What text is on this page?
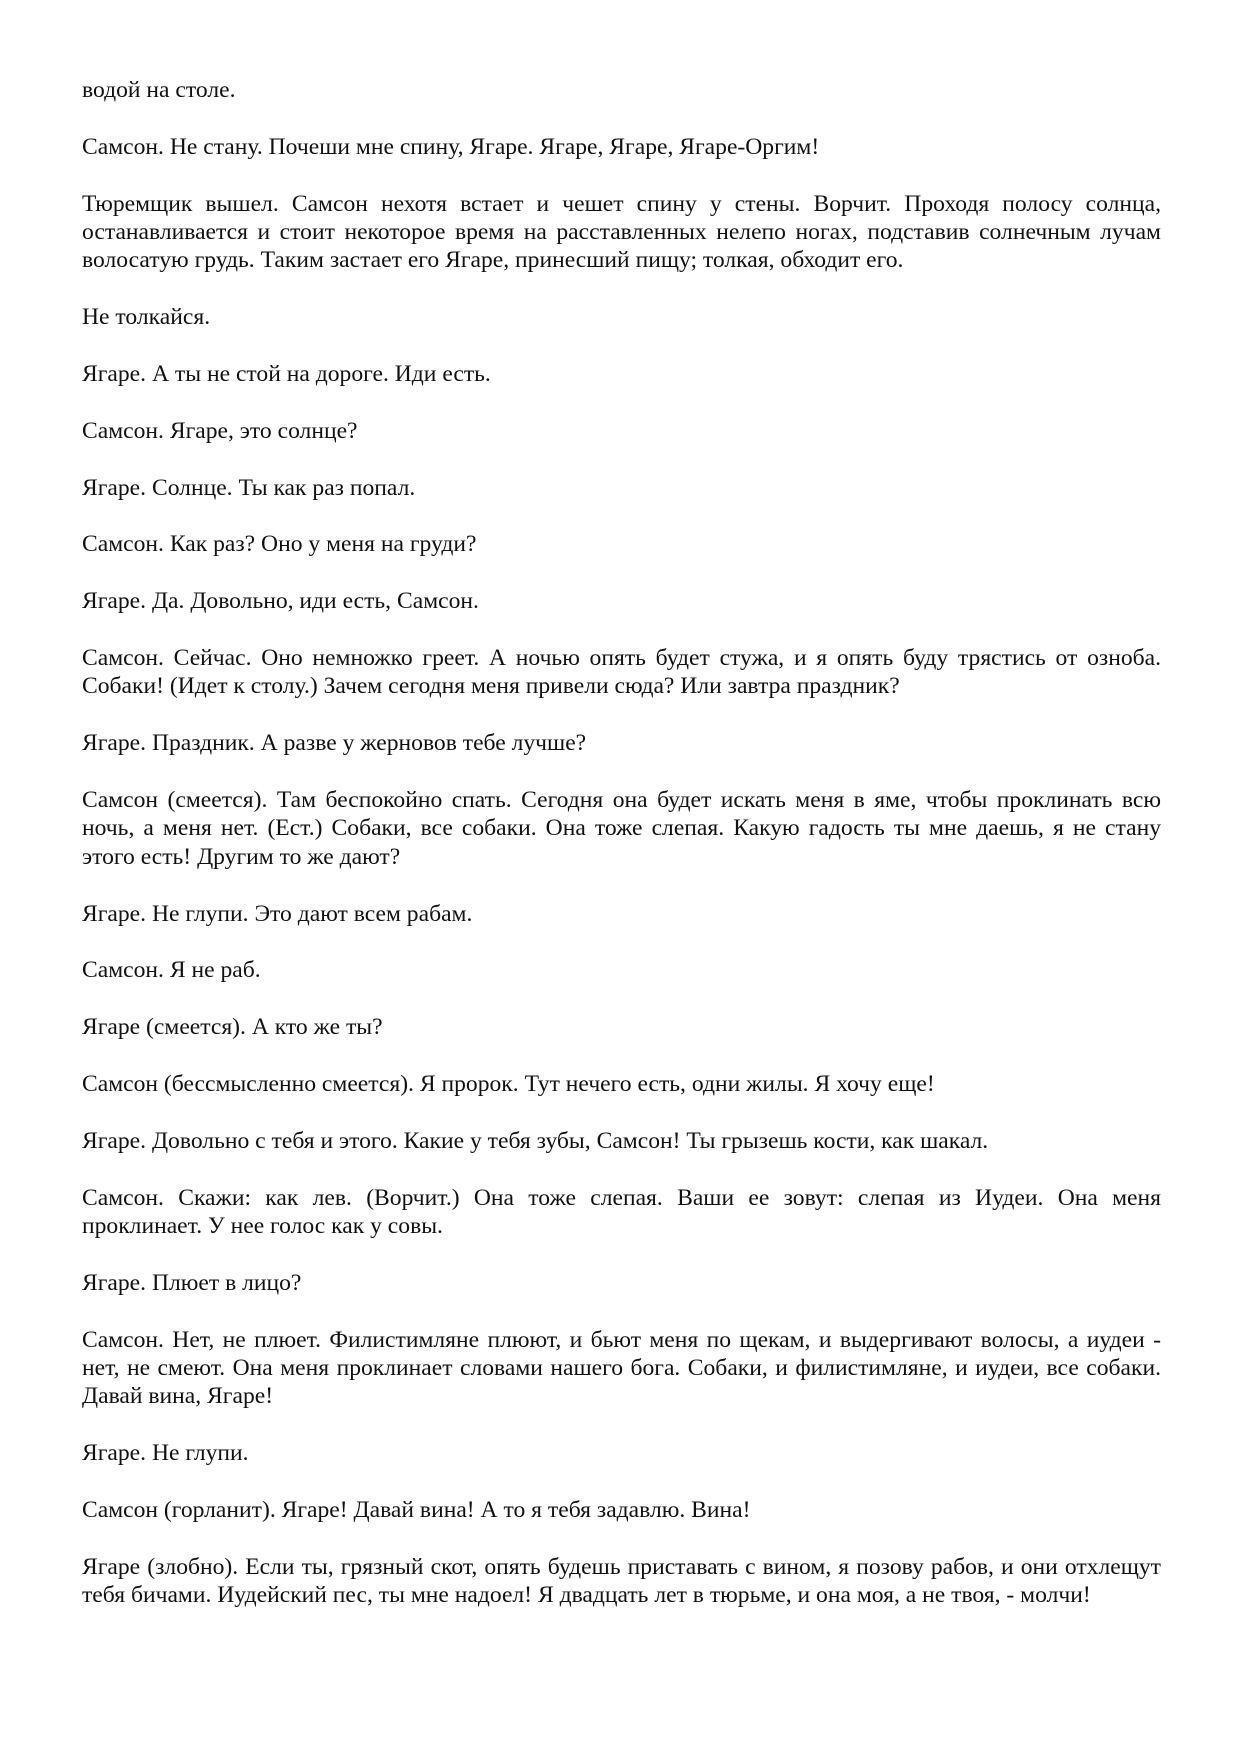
водой на столе.

Самсон. Не стану. Почеши мне спину, Ягаре. Ягаре, Ягаре, Ягаре-Оргим!

Тюремщик вышел. Самсон нехотя встает и чешет спину у стены. Ворчит. Проходя полосу солнца, останавливается и стоит некоторое время на расставленных нелепо ногах, подставив солнечным лучам волосатую грудь. Таким застает его Ягаре, принесший пищу; толкая, обходит его.

Не толкайся.

Ягаре. А ты не стой на дороге. Иди есть.

Самсон. Ягаре, это солнце?

Ягаре. Солнце. Ты как раз попал.

Самсон. Как раз? Оно у меня на груди?

Ягаре. Да. Довольно, иди есть, Самсон.

Самсон. Сейчас. Оно немножко греет. А ночью опять будет стужа, и я опять буду трястись от озноба. Собаки! (Идет к столу.) Зачем сегодня меня привели сюда? Или завтра праздник?

Ягаре. Праздник. А разве у жерновов тебе лучше?

Самсон (смеется). Там беспокойно спать. Сегодня она будет искать меня в яме, чтобы проклинать всю ночь, а меня нет. (Ест.) Собаки, все собаки. Она тоже слепая. Какую гадость ты мне даешь, я не стану этого есть! Другим то же дают?

Ягаре. Не глупи. Это дают всем рабам.

Самсон. Я не раб.

Ягаре (смеется). А кто же ты?

Самсон (бессмысленно смеется). Я пророк. Тут нечего есть, одни жилы. Я хочу еще!

Ягаре. Довольно с тебя и этого. Какие у тебя зубы, Самсон! Ты грызешь кости, как шакал.

Самсон. Скажи: как лев. (Ворчит.) Она тоже слепая. Ваши ее зовут: слепая из Иудеи. Она меня проклинает. У нее голос как у совы.

Ягаре. Плюет в лицо?

Самсон. Нет, не плюет. Филистимляне плюют, и бьют меня по щекам, и выдергивают волосы, а иудеи - нет, не смеют. Она меня проклинает словами нашего бога. Собаки, и филистимляне, и иудеи, все собаки. Давай вина, Ягаре!

Ягаре. Не глупи.

Самсон (горланит). Ягаре! Давай вина! А то я тебя задавлю. Вина!

Ягаре (злобно). Если ты, грязный скот, опять будешь приставать с вином, я позову рабов, и они отхлещут тебя бичами. Иудейский пес, ты мне надоел! Я двадцать лет в тюрьме, и она моя, а не твоя, - молчи!
